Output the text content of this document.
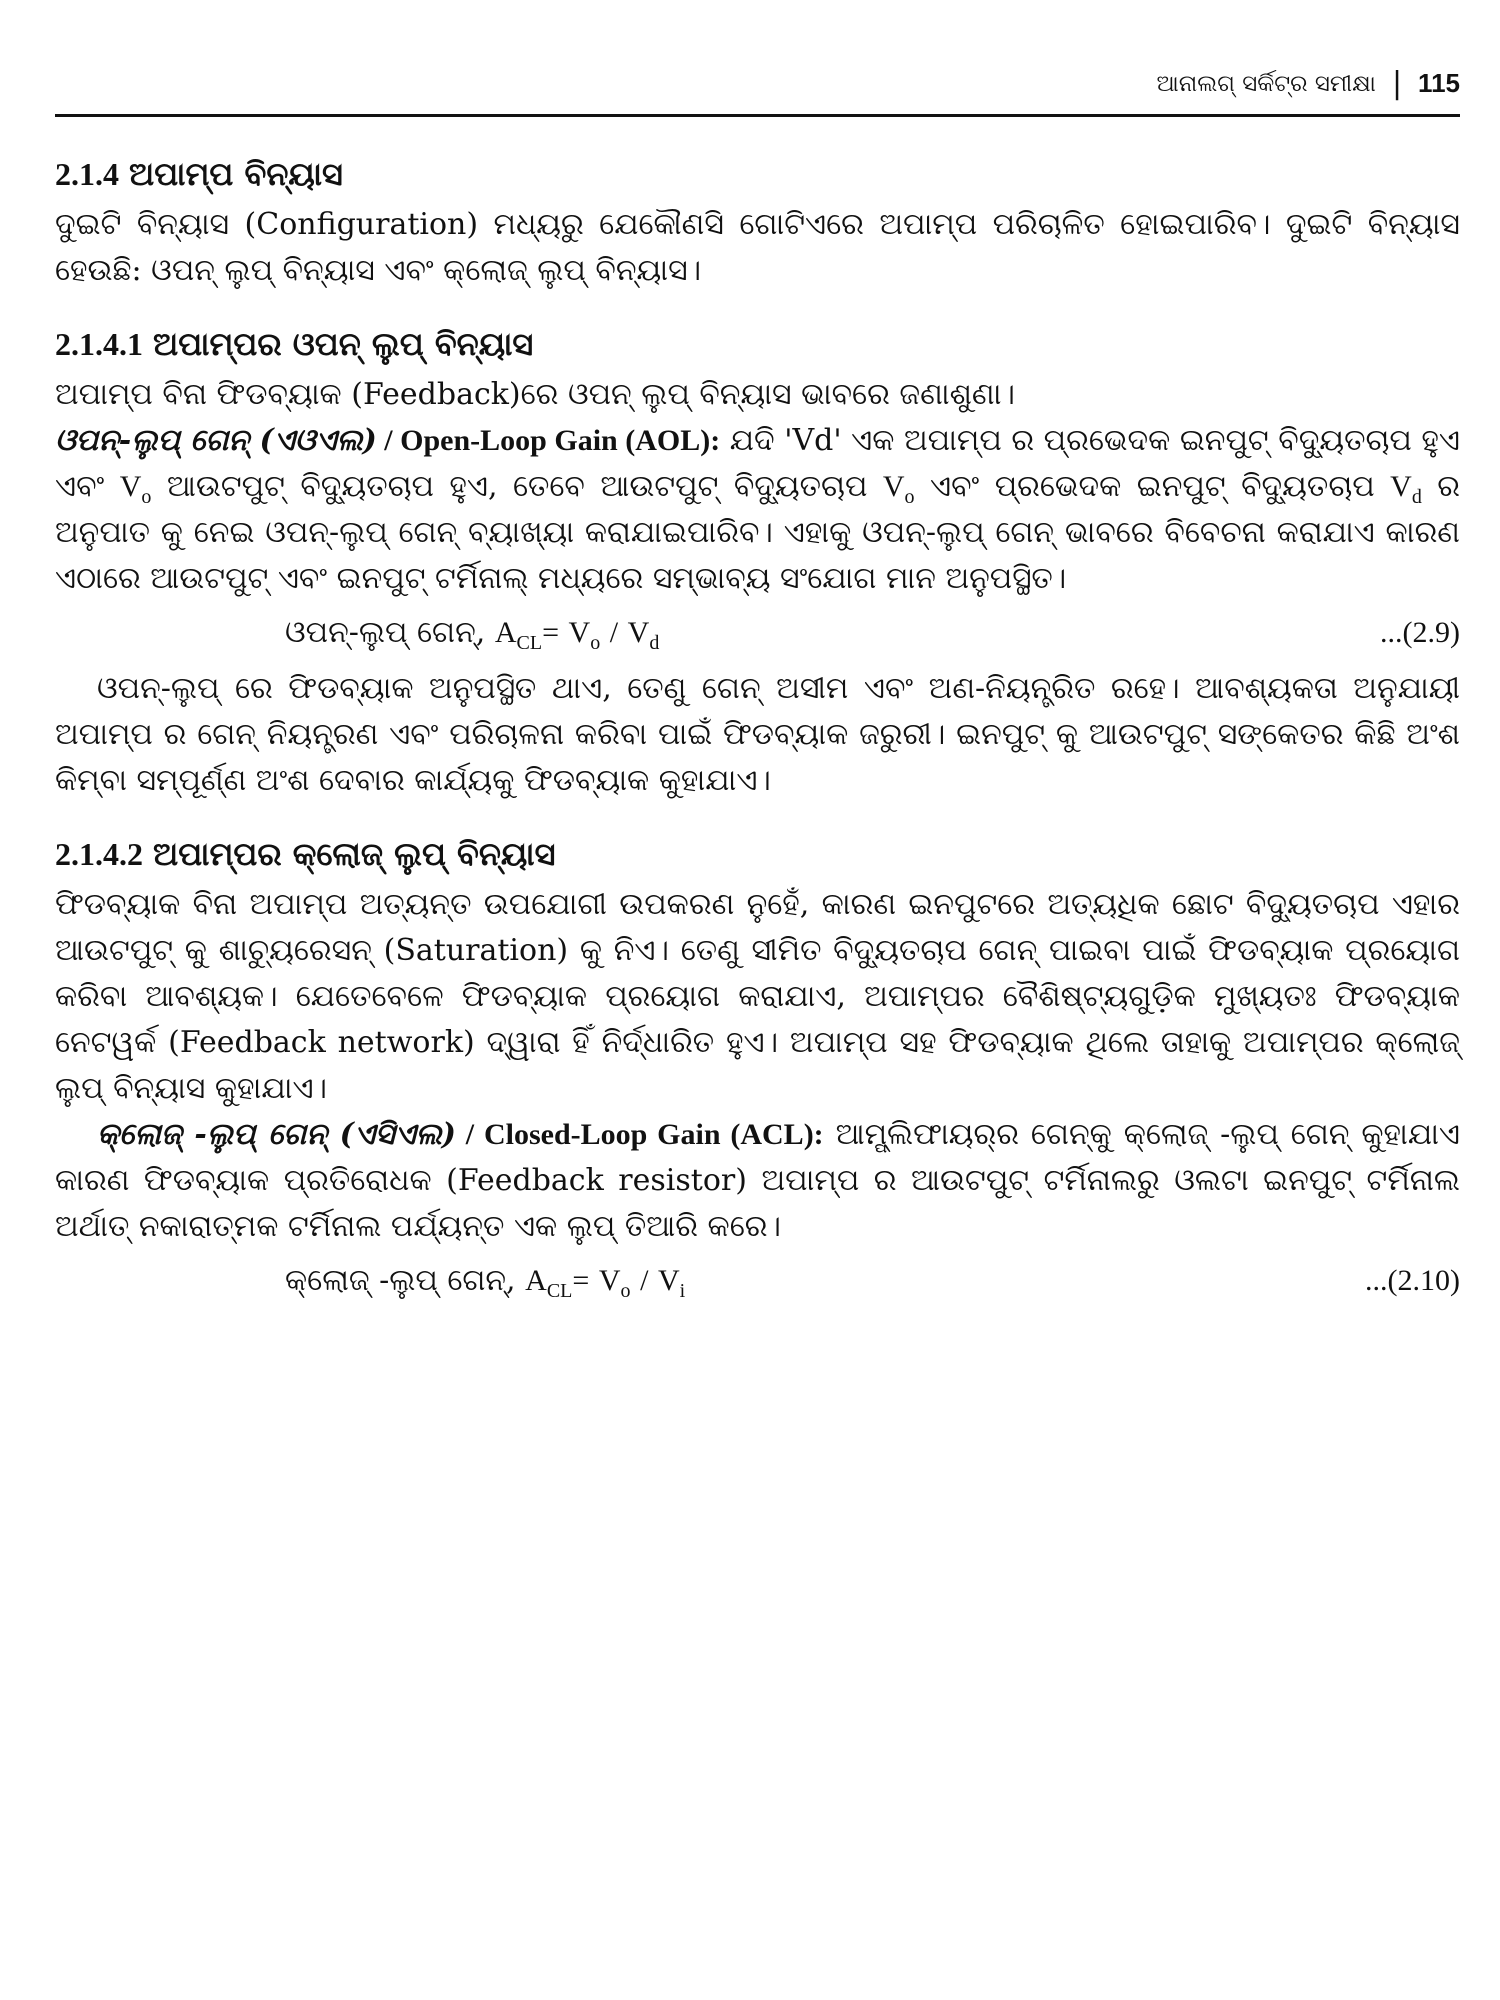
ଆନାଲଗ୍ ସର୍କିଟ୍‌ର ସମୀକ୍ଷା | 115
2.1.4 ଅପାମ୍ପ ବିନ୍ୟାସ

ଦୁଇଟି ବିନ୍ୟାସ (Configuration) ମଧ୍ୟରୁ ଯେକୌଣସି ଗୋଟିଏରେ ଅପାମ୍ପ ପରିଚାଳିତ ହୋଇପାରିବ। ଦୁଇଟି ବିନ୍ୟାସ ହେଉଛି: ଓପନ୍ ଲୁପ୍ ବିନ୍ୟାସ ଏବଂ କ୍ଲୋଜ୍ ଲୁପ୍ ବିନ୍ୟାସ।

2.1.4.1 ଅପାମ୍ପର ଓପନ୍ ଲୁପ୍ ବିନ୍ୟାସ

ଅପାମ୍ପ ବିନା ଫିଡବ୍ୟାକ (Feedback)ରେ ଓପନ୍ ଲୁପ୍ ବିନ୍ୟାସ ଭାବରେ ଜଣାଶୁଣା।

ଓପନ୍-ଲୁପ୍ ଗେନ୍ (ଏଓଏଲ) / Open-Loop Gain (AOL): ଯଦି 'Vd' ଏକ ଅପାମ୍ପ ର ପ୍ରଭେଦକ ଇନପୁଟ୍ ବିଦ୍ୟୁତଚାପ ହୁଏ ଏବଂ $V_o$ ଆଉଟପୁଟ୍ ବିଦ୍ୟୁତଚାପ ହୁଏ, ତେବେ ଆଉଟପୁଟ୍ ବିଦ୍ୟୁତଚାପ $V_o$ ଏବଂ ପ୍ରଭେଦକ ଇନପୁଟ୍ ବିଦ୍ୟୁତଚାପ $V_d$ ର ଅନୁପାତ କୁ ନେଇ ଓପନ୍-ଲୁପ୍ ଗେନ୍ ବ୍ୟାଖ୍ୟା କରାଯାଇପାରିବ। ଏହାକୁ ଓପନ୍-ଲୁପ୍ ଗେନ୍ ଭାବରେ ବିବେଚନା କରାଯାଏ କାରଣ ଏଠାରେ ଆଉଟପୁଟ୍ ଏବଂ ଇନପୁଟ୍ ଟର୍ମିନାଲ୍ ମଧ୍ୟରେ ସମ୍ଭାବ୍ୟ ସଂଯୋଗ ମାନ ଅନୁପସ୍ଥିତ।

ଓପନ୍-ଲୁପ୍ ଗେନ୍, $A_{CL}= V_o / V_d$	...(2.9)

ଓପନ୍-ଲୁପ୍ ରେ ଫିଡବ୍ୟାକ ଅନୁପସ୍ଥିତ ଥାଏ, ତେଣୁ ଗେନ୍ ଅସୀମ ଏବଂ ଅଣ-ନିୟନ୍ତ୍ରିତ ରହେ। ଆବଶ୍ୟକତା ଅନୁଯାୟୀ ଅପାମ୍ପ ର ଗେନ୍ ନିୟନ୍ତ୍ରଣ ଏବଂ ପରିଚାଳନା କରିବା ପାଇଁ ଫିଡବ୍ୟାକ ଜରୁରୀ। ଇନପୁଟ୍ କୁ ଆଉଟପୁଟ୍ ସଙ୍କେତର କିଛି ଅଂଶ କିମ୍ବା ସମ୍ପୂର୍ଣ୍ଣ ଅଂଶ ଦେବାର କାର୍ଯ୍ୟକୁ ଫିଡବ୍ୟାକ କୁହାଯାଏ।

2.1.4.2 ଅପାମ୍ପର କ୍ଲୋଜ୍ ଲୁପ୍ ବିନ୍ୟାସ

ଫିଡବ୍ୟାକ ବିନା ଅପାମ୍ପ ଅତ୍ୟନ୍ତ ଉପଯୋଗୀ ଉପକରଣ ନୁହେଁ, କାରଣ ଇନପୁଟରେ ଅତ୍ୟଧିକ ଛୋଟ ବିଦ୍ୟୁତଚାପ ଏହାର ଆଉଟପୁଟ୍ କୁ ଶାଚ୍ୟୁରେସନ୍ (Saturation) କୁ ନିଏ। ତେଣୁ ସୀମିତ ବିଦ୍ୟୁତଚାପ ଗେନ୍ ପାଇବା ପାଇଁ ଫିଡବ୍ୟାକ ପ୍ରୟୋଗ କରିବା ଆବଶ୍ୟକ। ଯେତେବେଳେ ଫିଡବ୍ୟାକ ପ୍ରୟୋଗ କରାଯାଏ, ଅପାମ୍ପର ବୈଶିଷ୍ଟ୍ୟଗୁଡ଼ିକ ମୁଖ୍ୟତଃ ଫିଡବ୍ୟାକ ନେଟୱର୍କ (Feedback network) ଦ୍ୱାରା ହିଁ ନିର୍ଦ୍ଧାରିତ ହୁଏ। ଅପାମ୍ପ ସହ ଫିଡବ୍ୟାକ ଥିଲେ ତାହାକୁ ଅପାମ୍ପର କ୍ଲୋଜ୍ ଲୁପ୍ ବିନ୍ୟାସ କୁହାଯାଏ।

କ୍ଲୋଜ୍ -ଲୁପ୍ ଗେନ୍ (ଏସିଏଲ) / Closed-Loop Gain (ACL): ଆମ୍ପ୍ଲିଫାୟର୍‌ର ଗେନ୍‌କୁ କ୍ଲୋଜ୍ -ଲୁପ୍ ଗେନ୍ କୁହାଯାଏ କାରଣ ଫିଡବ୍ୟାକ ପ୍ରତିରୋଧକ (Feedback resistor) ଅପାମ୍ପ ର ଆଉଟପୁଟ୍ ଟର୍ମିନାଲରୁ ଓଲଟା ଇନପୁଟ୍ ଟର୍ମିନାଲ ଅର୍ଥାତ୍ ନକାରାତ୍ମକ ଟର୍ମିନାଲ ପର୍ଯ୍ୟନ୍ତ ଏକ ଲୁପ୍ ତିଆରି କରେ।

କ୍ଲୋଜ୍ -ଲୁପ୍ ଗେନ୍, $A_{CL}= V_o / V_i$	...(2.10)
